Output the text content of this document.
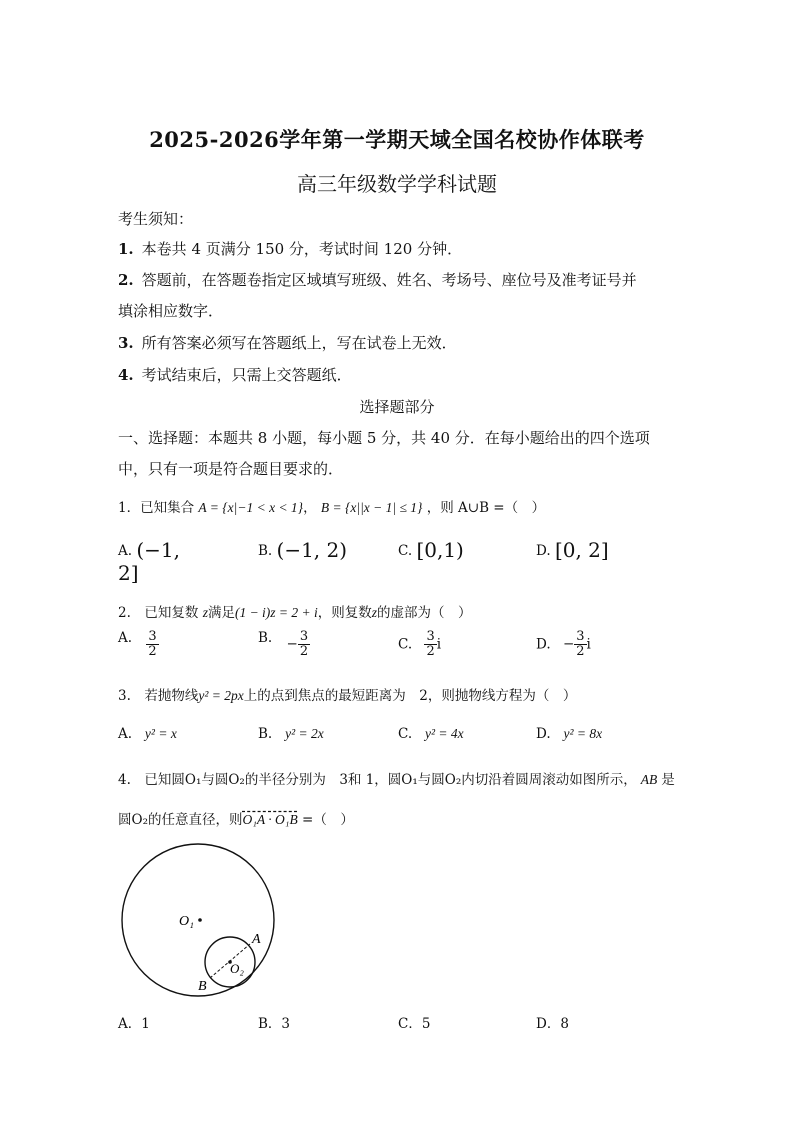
2025-2026学年第一学期天域全国名校协作体联考
高三年级数学学科试题
考生须知：
1. 本卷共 4 页满分 150 分，考试时间 120 分钟．
2. 答题前，在答题卷指定区域填写班级、姓名、考场号、座位号及准考证号并
填涂相应数字．
3. 所有答案必须写在答题纸上，写在试卷上无效．
4. 考试结束后，只需上交答题纸．
选择题部分
一、选择题：本题共 8 小题，每小题 5 分，共 40 分．在每小题给出的四个选项
中，只有一项是符合题目要求的．
1．已知集合 A = {x|−1 < x < 1}， B = {x||x − 1| ≤ 1} ，则 A∪B =（　）
A. (−1,
2]
B. (−1, 2)	C. [0,1)	D. [0, 2]
2.　已知复数 z满足(1 − i)z = 2 + i，则复数z的虚部为（　）
A. $\frac{3}{2}$	B. − $\frac{3}{2}$	C. $\frac{3}{2}$ i	D. − $\frac{3}{2}$ i
3.　若抛物线y² = 2px上的点到焦点的最短距离为　2，则抛物线方程为（　）
A. y² = x	B. y² = 2x	C. y² = 4x	D. y² = 8x
4.　已知圆O₁与圆O₂的半径分别为　3和 1，圆O₁与圆O₂内切沿着圆周滚动如图所示， AB 是
圆O₂的任意直径，则O₁A · O₁B =（　）
O₁
O₂
A
B
A．1	B．3	C．5	D．8
